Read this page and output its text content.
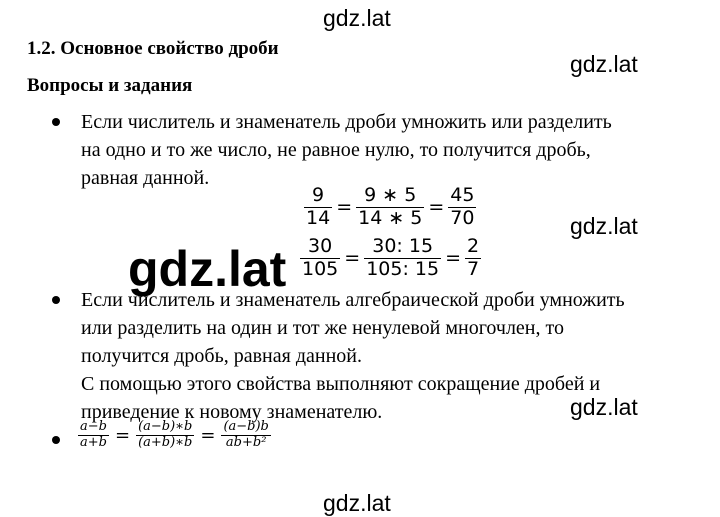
gdz.lat
gdz.lat
gdz.lat
gdz.lat
gdz.lat
1.2. Основное свойство дроби
Вопросы и задания
Если числитель и знаменатель дроби умножить или разделить
на одно и то же число, не равное нулю, то получится дробь,
равная данной.
$\frac{9}{14} = \frac{9 ∗ 5}{14 ∗ 5} = \frac{45}{70}$
$\frac{30}{105} = \frac{30: 15}{105: 15} = \frac{2}{7}$
gdz.lat
Если числитель и знаменатель алгебраической дроби умножить
или разделить на один и тот же ненулевой многочлен, то
получится дробь, равная данной.
С помощью этого свойства выполняют сокращение дробей и
приведение к новому знаменателю.
$\frac{a-b}{a+b} = \frac{(a-b)∗b}{(a+b)∗b} = \frac{(a-b)b}{\text{ab+b²}}$
